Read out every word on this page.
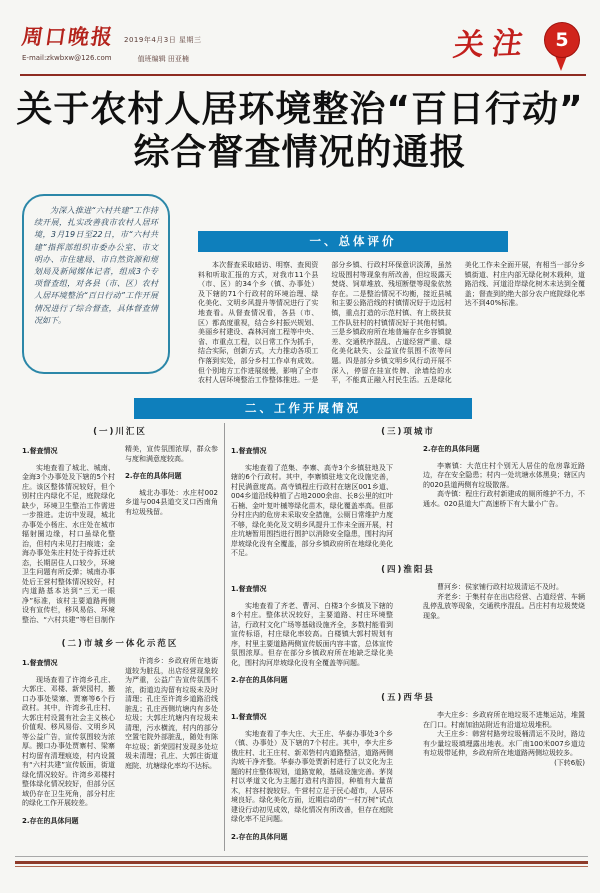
周口晚报 2019年4月3日 星期三
E-mail:zkwbxw@126.com	值班编辑 田亚楠	关注 5
关于农村人居环境整治“百日行动”
综合督查情况的通报

为深入推进“六村共建”工作持续开展，扎实改善我市农村人居环境，3月19日至22日，市“六村共建”指挥部组织市委办公室、市文明办、市住建局、市自然资源和规划局及新闻媒体记者，组成3个专项督查组，对各县（市、区）农村人居环境整治“百日行动”工作开展情况进行了综合督查，具体督查情况如下。

一、总体评价
本次督查采取暗访、明察、查阅资料和听取汇报的方式，对我市11个县（市、区）的34个乡（镇、办事处）及下辖的71个行政村的环境治理、绿化美化、文明乡风提升等情况进行了实地查看。从督查情况看，各县（市、区）都高度重视，结合乡村振兴规划、美丽乡村建设、森林河南工程等中央、省、市重点工程，以日常工作为抓手，结合实际，创新方式，大力推动各项工作落到实处，部分乡村工作卓有成效。但个别地方工作进展缓慢，影响了全市农村人居环境整治工作整体推进。一是部分乡镇、行政村环保意识淡薄，虽然垃圾围村等现象有所改善，但垃圾露天焚烧、饲草堆放、残垣断壁等现象依然存在。二是整治情况不均衡，接近县城和主要公路沿线的村镇情况好于边远村镇，重点打造的示范村镇、有上级扶贫工作队驻村的村镇情况好于其他村镇。三是乡镇政府所在地普遍存在乡容镇貌差、交通秩序混乱、占道经营严重、绿化美化缺失、公益宣传氛围不浓等问题。四是部分乡镇文明乡风行动开展不深入，停留在挂宣传牌、涂墙绘的水平，不能真正融入村民生活。五是绿化美化工作未全面开展，有相当一部分乡镇街道、村庄内部无绿化树木栽种，道路沿线、河道沿岸绿化树木未达到全覆盖；督查到的绝大部分农户庭院绿化率达不到40%标准。
二、工作开展情况
(一)川汇区

1.督查情况

实地查看了城北、城南、金海3个办事处及下辖的5个村庄。该区整体情况较好，但个别村庄内绿化不足，庭院绿化缺少，环境卫生整治工作需进一步推进。走访中发现，城北办事处小杨庄、水庄处在城市辐射圈边缘，村口虽绿化整治，但村内未见打扫痕迹；金海办事处朱庄村处于待拆迁状态，长期居住人口较少，环境卫生问题有所反弹；城南办事处后王营村整体情况较好，村内道路基本达到“三无一眼净”标准，该村主要道路两侧设有宣传栏，移风易俗、环境整治、“六村共建”等栏目制作精美，宣传氛围浓厚，群众参与度和满意度较高。

2.存在的具体问题

城北办事处：水庄村002乡道与004县道交叉口西南角有垃圾残留。

(二)市城乡一体化示范区

1.督查情况

现场查看了许湾乡孔庄、大郭庄、邓楼、新荣园村，搬口办事处梁寨、贾寨等6个行政村。其中，许湾乡孔庄村、大郭庄村设置有社会主义核心价值观、移风易俗、文明乡风等公益广告，宣传氛围较为浓厚。搬口办事处贾寨村、梁寨村均留有清理痕迹，村内设置有“六村共建”宣传版面，街道绿化情况较好。许湾乡邓楼村整体绿化情况较好，但部分区域仍存在卫生死角，部分村庄的绿化工作开展较差。

2.存在的具体问题

许湾乡：乡政府所在地街道较为脏乱，出店经营现象较为严重，公益广告宣传氛围不浓，街道边沟留有垃圾未及时清理；孔庄至许湾乡道路沿线脏乱；孔庄西侧坑塘内有多处垃圾；大郭庄坑塘内有垃圾未清理，污水横流，村内的部分空置宅院外部脏乱，随处有陈年垃圾；新荣园村发现多处垃圾未清理；孔庄、大郭庄街道庭院、坑塘绿化率均不达标。

(三)项城市

1.督查情况

实地查看了范集、李寨、高寺3个乡镇驻地及下辖的6个行政村。其中，李寨镇驻地文化设施完善，村民满意度高。高寺镇程庄行政村在辖区001乡道、004乡道沿线种植了占地2000余亩、长8公里的红叶石楠、金叶复叶槭等绿化苗木，绿化覆盖率高。但部分村庄内的危房未采取安全措施，公厕日常维护力度不够，绿化美化及文明乡风提升工作未全面开展，村庄坑塘暂用围挡进行围护以消除安全隐患，围村沟河岸坡绿化没有全覆盖，部分乡镇政府所在地绿化美化不足。

2.存在的具体问题

李寨镇：大范庄村个别无人居住的危房靠近路边，存在安全隐患；村内一处坑塘水体黑臭；辖区内的020县道两侧有垃圾散落。

高寺镇：程庄行政村新建成的厕所维护不力，不通水。020县道大广高速桥下有大量小广告。

(四)淮阳县

1.督查情况

实地查看了齐老、曹河、白楼3个乡镇及下辖的8个村庄。整体状况较好，主要道路、村庄环境整洁，行政村文化广场等基础设施齐全，多数村能看到宣传标语，村庄绿化率较高。白楼镇大郭村规划有序，村里主要道路两侧宣传版面内容丰富，总体宣传氛围浓厚。但存在部分乡镇政府所在地缺乏绿化美化，围村沟河岸坡绿化没有全覆盖等问题。

2.存在的具体问题

曹河乡：侯家铺行政村垃圾清运不及时。

齐老乡：于集村存在出店经营、占道经营、车辆乱停乱放等现象，交通秩序混乱。吕庄村有垃圾焚烧现象。

(五)西华县

1.督查情况

实地查看了李大庄、大王庄、华泰办事处3个乡（镇、办事处）及下辖的7个村庄。其中，李大庄乡俄庄村、北王庄村、新邓砦村内道路整洁，道路两侧沟坡干净齐整。华泰办事处贾新村进行了以文化为主题的村庄整体规划，道路宽敞，基础设施完善。茅岗村以孝道文化为主题打造村内游园，种植有大量苗木，村容村貌较好。牛营村立足于民心超市，人居环境良好。绿化美化方面，近期启动的“一村万树”试点建设行动初见成效，绿化情况有所改善，但存在庭院绿化率不足问题。

2.存在的具体问题

李大庄乡：乡政府所在地垃圾不进集运站，堆置在门口。村南加油站附近有沿道垃圾堆积。

大王庄乡：韩营村路旁垃圾桶清运不及时，路边有少量垃圾填埋露出地表。水厂南100米007乡道边有垃圾带延伸，乡政府所在地道路两侧垃圾较多。

(下转6版)
